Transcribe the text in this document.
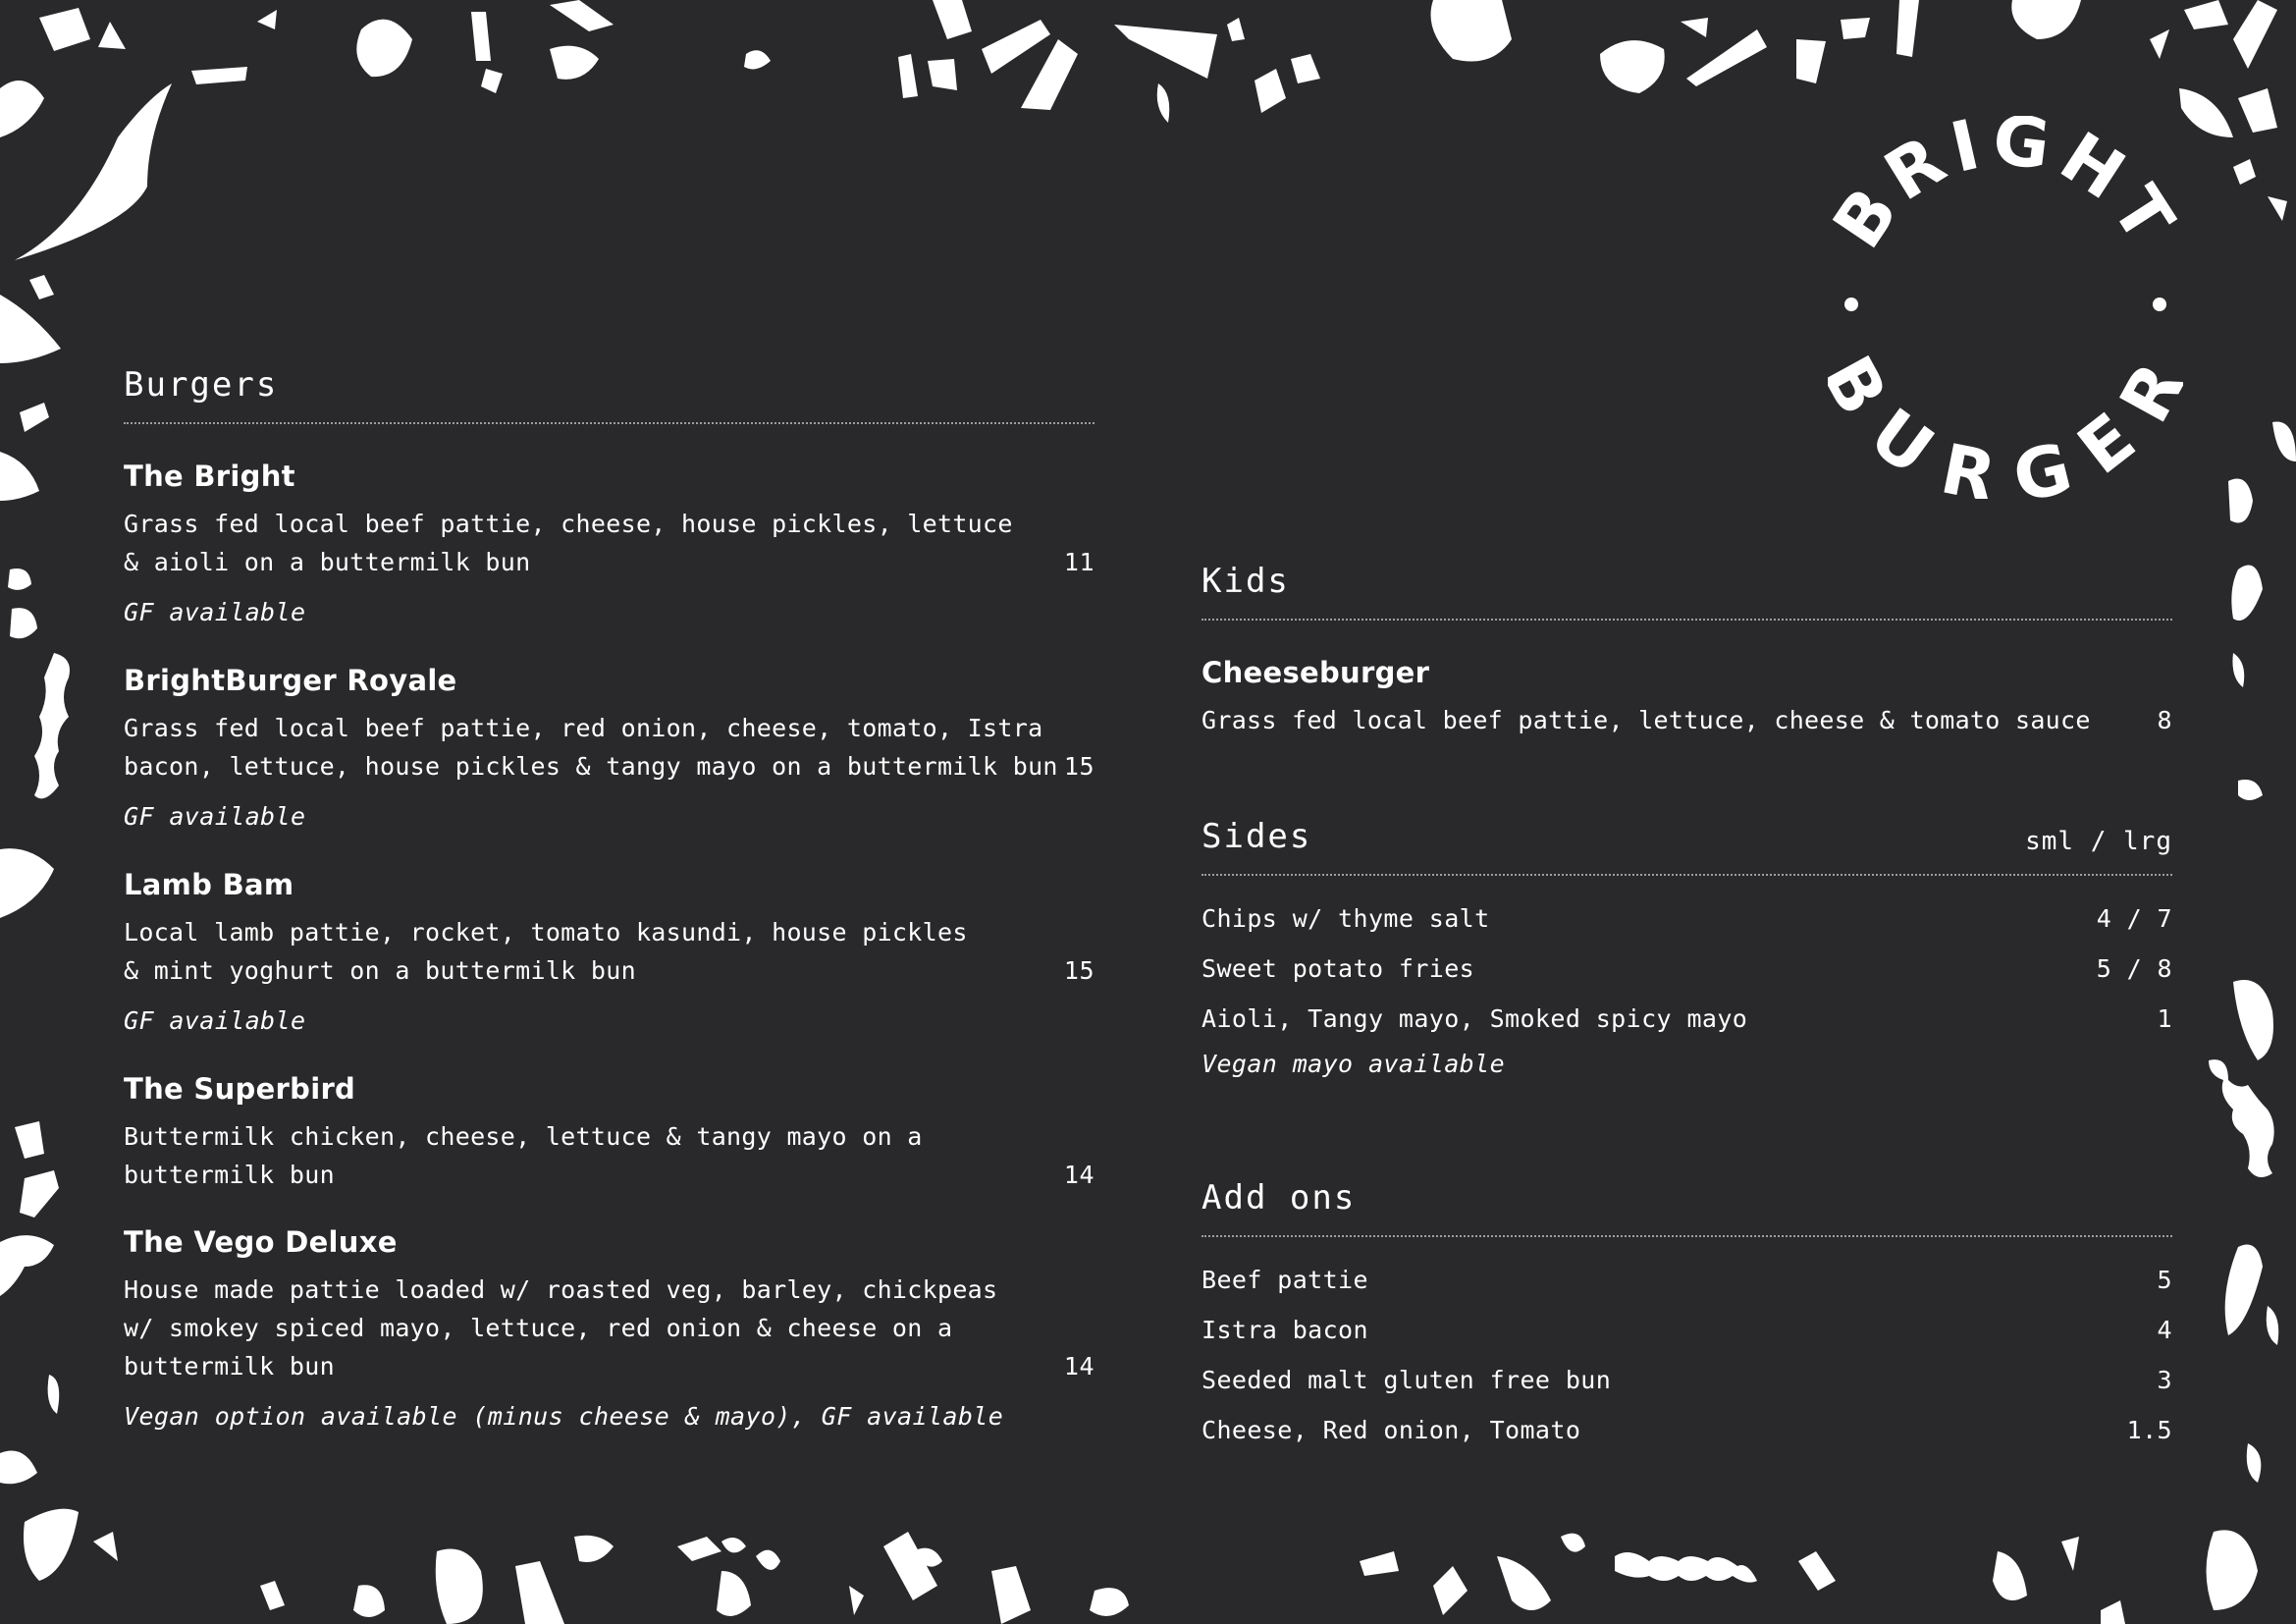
RIGH
URGE
Burgers

The Bright

Grass fed local beef pattie, cheese, house pickles, lettuce
& aioli on a buttermilk bun	11
GF available

BrightBurger Royale

Grass fed local beef pattie, red onion, cheese, tomato, Istra
bacon, lettuce, house pickles & tangy mayo on a buttermilk bun 15
GF available

Lamb Bam

Local lamb pattie, rocket, tomato kasundi, house pickles
& mint yoghurt on a buttermilk bun	15
GF available

The Superbird

Buttermilk chicken, cheese, lettuce & tangy mayo on a
buttermilk bun	14

The Vego Deluxe

House made pattie loaded w/ roasted veg, barley, chickpeas
w/ smokey spiced mayo, lettuce, red onion & cheese on a
buttermilk bun	14
Vegan option available (minus cheese & mayo), GF available
Kids

Cheeseburger

Grass fed local beef pattie, lettuce, cheese & tomato sauce	8
Sides	sml / lrg
Chips w/ thyme salt	4 / 7
Sweet potato fries	5 / 8
Aioli, Tangy mayo, Smoked spicy mayo	1
Vegan mayo available
Add ons
Beef pattie	5
Istra bacon	4
Seeded malt gluten free bun	3
Cheese, Red onion, Tomato	1.5
